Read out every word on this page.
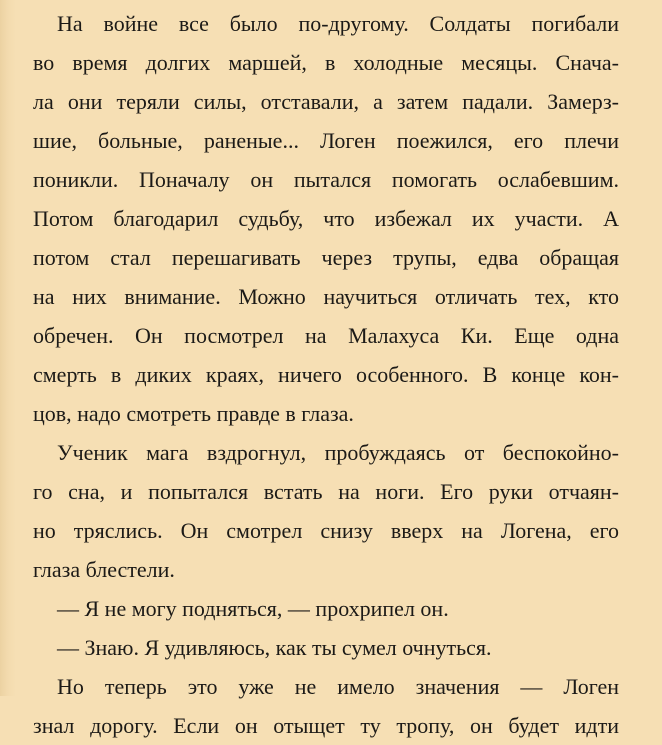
На войне все было по-другому. Солдаты погибали
во время долгих маршей, в холодные месяцы. Снача-
ла они теряли силы, отставали, а затем падали. Замерз-
шие, больные, раненые... Логен поежился, его плечи
поникли. Поначалу он пытался помогать ослабевшим.
Потом благодарил судьбу, что избежал их участи. А
потом стал перешагивать через трупы, едва обращая
на них внимание. Можно научиться отличать тех, кто
обречен. Он посмотрел на Малахуса Ки. Еще одна
смерть в диких краях, ничего особенного. В конце кон-
цов, надо смотреть правде в глаза.
Ученик мага вздрогнул, пробуждаясь от беспокойно-
го сна, и попытался встать на ноги. Его руки отчаян-
но тряслись. Он смотрел снизу вверх на Логена, его
глаза блестели.
— Я не могу подняться, — прохрипел он.
— Знаю. Я удивляюсь, как ты сумел очнуться.
Но теперь это уже не имело значения — Логен
знал дорогу. Если он отыщет ту тропу, он будет идти
